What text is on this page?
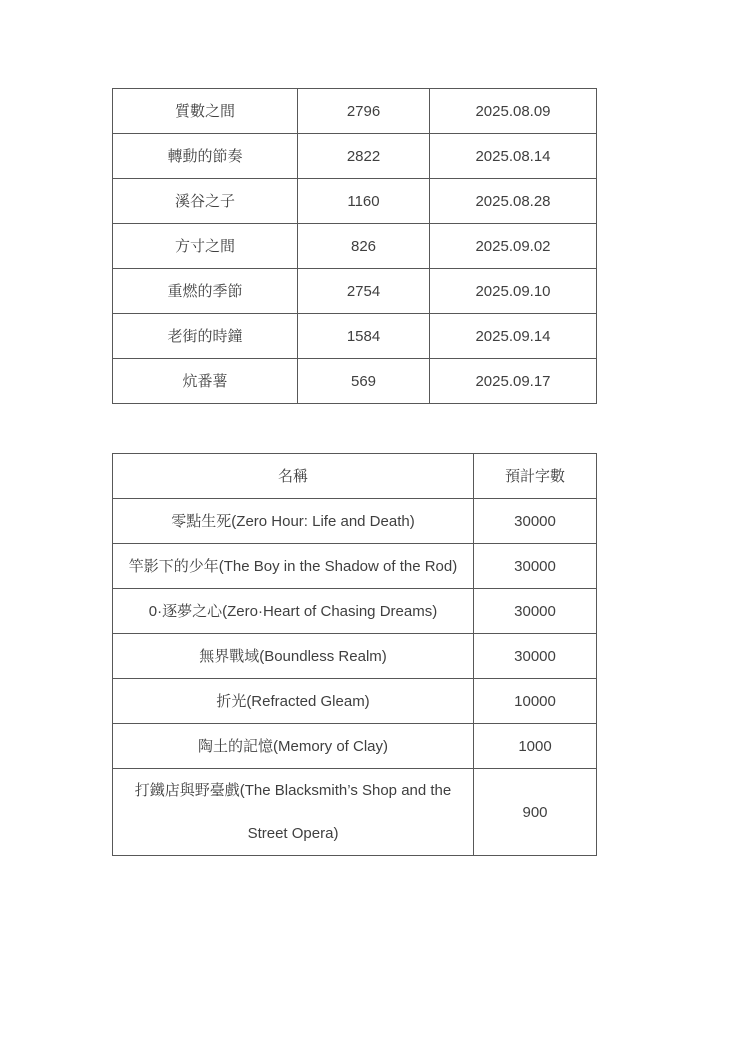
質數之間	2796	2025.08.09
轉動的節奏	2822	2025.08.14
溪谷之子	1160	2025.08.28
方寸之間	826	2025.09.02
重燃的季節	2754	2025.09.10
老街的時鐘	1584	2025.09.14
炕番薯	569	2025.09.17
名稱	預計字數
零點生死(Zero Hour: Life and Death)	30000
竿影下的少年(The Boy in the Shadow of the Rod)	30000
0·逐夢之心(Zero·Heart of Chasing Dreams)	30000
無界戰域(Boundless Realm)	30000
折光(Refracted Gleam)	10000
陶土的記憶(Memory of Clay)	1000
打鐵店與野臺戲(The Blacksmith’s Shop and the Street Opera)	900
